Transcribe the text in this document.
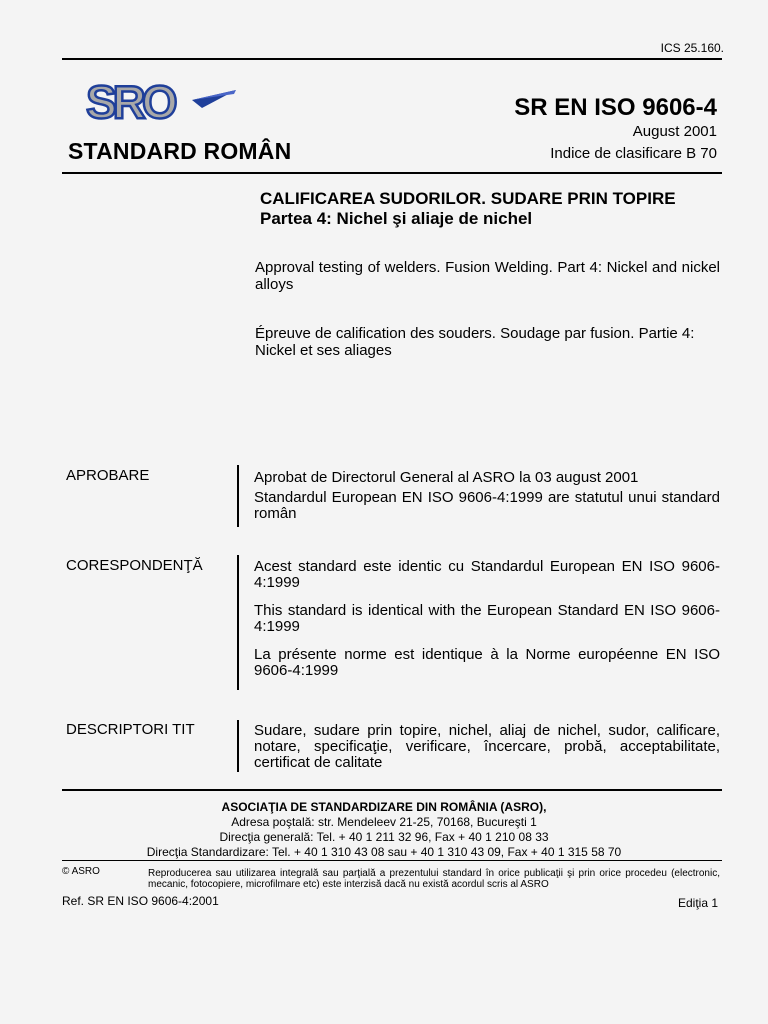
ICS 25.160.
SRO
STANDARD ROMÂN
SR EN ISO 9606-4
August 2001
Indice de clasificare B 70
CALIFICAREA SUDORILOR. SUDARE PRIN TOPIRE
Partea 4: Nichel şi aliaje de nichel
Approval testing of welders. Fusion Welding. Part 4: Nickel and nickel alloys
Épreuve de calification des souders. Soudage par fusion. Partie 4: Nickel et ses aliages
APROBARE	Aprobat de Directorul General al ASRO la 03 august 2001
Standardul European EN ISO 9606-4:1999 are statutul unui standard român
CORESPONDENŢĂ	Acest standard este identic cu Standardul European EN ISO 9606-4:1999
This standard is identical with the European Standard EN ISO 9606-4:1999
La présente norme est identique à la Norme européenne EN ISO 9606-4:1999
DESCRIPTORI TIT	Sudare, sudare prin topire, nichel, aliaj de nichel, sudor, calificare, notare, specificaţie, verificare, încercare, probă, acceptabilitate, certificat de calitate
ASOCIAŢIA DE STANDARDIZARE DIN ROMÂNIA (ASRO),
Adresa poştală: str. Mendeleev 21-25, 70168, Bucureşti 1
Direcţia generală: Tel. + 40 1 211 32 96, Fax + 40 1 210 08 33
Direcţia Standardizare: Tel. + 40 1 310 43 08 sau + 40 1 310 43 09, Fax + 40 1 315 58 70
© ASRO	Reproducerea sau utilizarea integrală sau parţială a prezentului standard în orice publicaţii şi prin orice procedeu (electronic, mecanic, fotocopiere, microfilmare etc) este interzisă dacă nu există acordul scris al ASRO
Ref. SR EN ISO 9606-4:2001	Ediţia 1
